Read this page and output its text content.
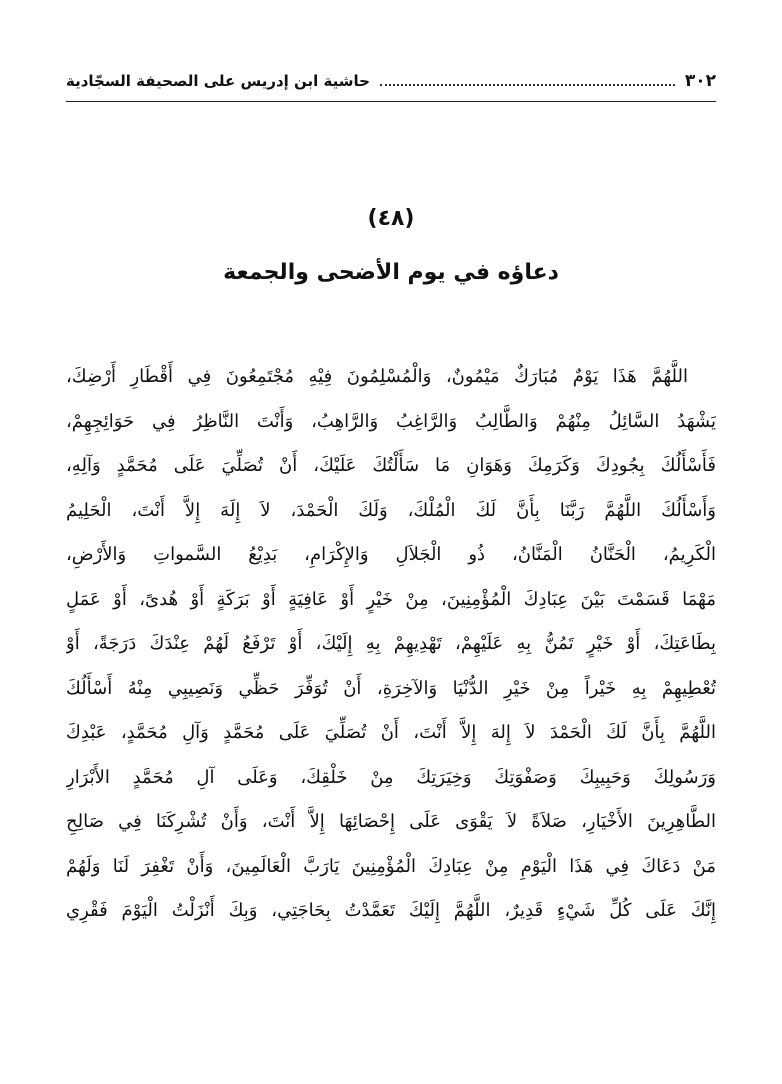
٣٠٢
حاشية ابن إدريس على الصحيفة السجّادية
(٤٨)
دعاؤه في يوم الأضحى والجمعة
اللَّهُمَّ هَذَا يَوْمٌ مُبَارَكٌ مَيْمُونٌ، وَالْمُسْلِمُونَ فِيْهِ مُجْتَمِعُونَ فِي أَقْطَارِ أَرْضِكَ،
يَشْهَدُ السَّائِلُ مِنْهُمْ وَالطَّالِبُ وَالرَّاغِبُ وَالرَّاهِبُ، وَأَنْتَ النَّاظِرُ فِي حَوَائِجِهِمْ،
فَأَسْأَلُكَ بِجُودِكَ وَكَرَمِكَ وَهَوَانِ مَا سَأَلْتُكَ عَلَيْكَ، أَنْ تُصَلِّيَ عَلَى مُحَمَّدٍ وَآلِهِ،
وَأَسْأَلُكَ اللَّهُمَّ رَبَّنَا بِأَنَّ لَكَ الْمُلْكَ، وَلَكَ الْحَمْدَ، لاَ إِلَهَ إِلاَّ أَنْتَ، الْحَلِيمُ
الْكَرِيمُ، الْحَنَّانُ الْمَنَّانُ، ذُو الْجَلاَلِ وَالإِكْرَامِ، بَدِيْعُ السَّمواتِ وَالأَرْضِ،
مَهْمَا قَسَمْتَ بَيْنَ عِبَادِكَ الْمُؤْمِنِينَ، مِنْ خَيْرٍ أَوْ عَافِيَةٍ أَوْ بَرَكَةٍ أَوْ هُدىً، أَوْ عَمَلٍ
بِطَاعَتِكَ، أَوْ خَيْرٍ تَمُنُّ بِهِ عَلَيْهِمْ، تَهْدِيهِمْ بِهِ إِلَيْكَ، أَوْ تَرْفَعُ لَهُمْ عِنْدَكَ دَرَجَةً، أَوْ
تُعْطِيهِمْ بِهِ خَيْراً مِنْ خَيْرِ الدُّنْيَا وَالآخِرَةِ، أَنْ تُوَفِّرَ حَظِّي وَنَصِيبِي مِنْهُ أَسْأَلُكَ
اللَّهُمَّ بِأَنَّ لَكَ الْحَمْدَ لاَ إِلهَ إِلاَّ أَنْتَ، أَنْ تُصَلِّيَ عَلَى مُحَمَّدٍ وَآلِ مُحَمَّدٍ، عَبْدِكَ
وَرَسُولِكَ وَحَبِيبِكَ وَصَفْوَتِكَ وَخِيَرَتِكَ مِنْ خَلْقِكَ، وَعَلَى آلِ مُحَمَّدٍ الأَبْرَارِ
الطَّاهِرِينَ الأَخْيَارِ، صَلاَةً لاَ يَقْوَى عَلَى إِحْصَائِهَا إِلاَّ أَنْتَ، وَأَنْ تُشْرِكَنَا فِي صَالِحِ
مَنْ دَعَاكَ فِي هَذَا الْيَوْمِ مِنْ عِبَادِكَ الْمُؤْمِنِينَ يَارَبَّ الْعَالَمِينَ، وَأَنْ تَغْفِرَ لَنَا وَلَهُمْ
إِنَّكَ عَلَى كُلِّ شَيْءٍ قَدِيرٌ، اللَّهُمَّ إِلَيْكَ تَعَمَّدْتُ بِحَاجَتِي، وَبِكَ أَنْزَلْتُ الْيَوْمَ فَقْرِي
